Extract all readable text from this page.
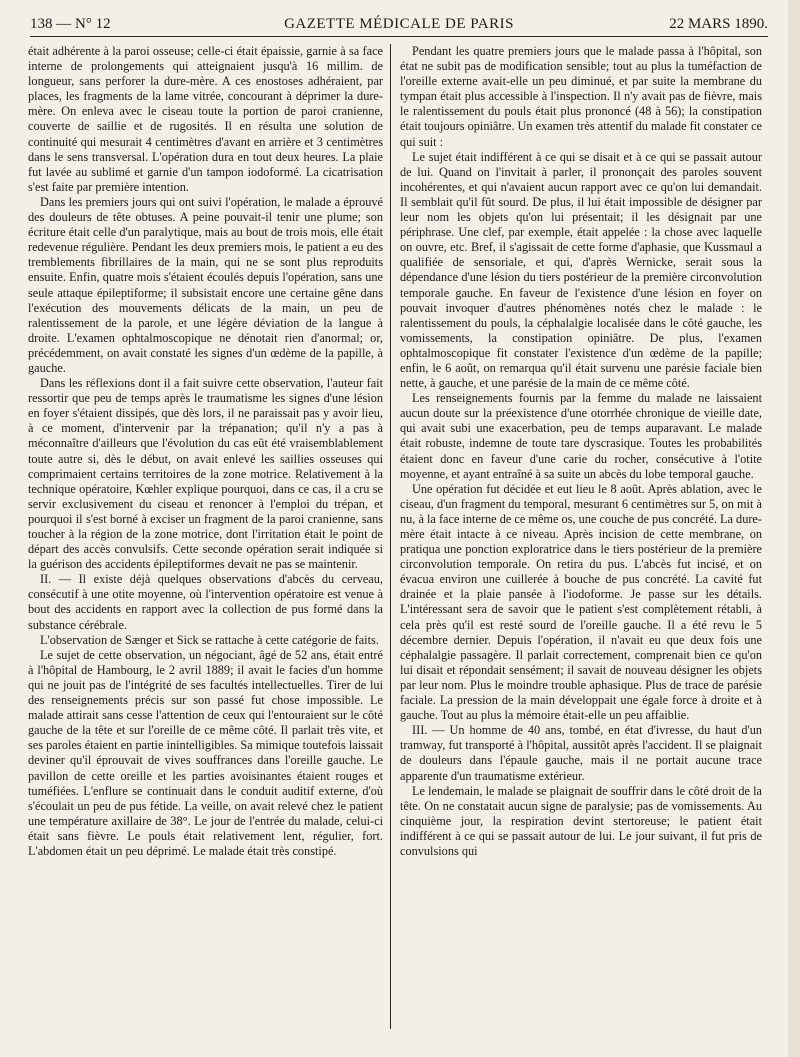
138 — N° 12	GAZETTE MÉDICALE DE PARIS	22 MARS 1890.

était adhérente à la paroi osseuse; celle-ci était épaissie, garnie à sa face interne de prolongements qui atteignaient jusqu'à 16 millim. de longueur, sans perforer la dure-mère. A ces enostoses adhéraient, par places, les fragments de la lame vitrée, concourant à déprimer la dure-mère. On enleva avec le ciseau toute la portion de paroi cranienne, couverte de saillie et de rugosités. Il en résulta une solution de continuité qui mesurait 4 centimètres d'avant en arrière et 3 centimètres dans le sens transversal. L'opération dura en tout deux heures. La plaie fut lavée au sublimé et garnie d'un tampon iodoformé. La cicatrisation s'est faite par première intention.

Dans les premiers jours qui ont suivi l'opération, le malade a éprouvé des douleurs de tête obtuses. A peine pouvait-il tenir une plume; son écriture était celle d'un paralytique, mais au bout de trois mois, elle était redevenue régulière. Pendant les deux premiers mois, le patient a eu des tremblements fibrillaires de la main, qui ne se sont plus reproduits ensuite. Enfin, quatre mois s'étaient écoulés depuis l'opération, sans une seule attaque épileptiforme; il subsistait encore une certaine gêne dans l'exécution des mouvements délicats de la main, un peu de ralentissement de la parole, et une légère déviation de la langue à droite. L'examen ophtalmoscopique ne dénotait rien d'anormal; or, précédemment, on avait constaté les signes d'un œdème de la papille, à gauche.

Dans les réflexions dont il a fait suivre cette observation, l'auteur fait ressortir que peu de temps après le traumatisme les signes d'une lésion en foyer s'étaient dissipés, que dès lors, il ne paraissait pas y avoir lieu, à ce moment, d'intervenir par la trépanation; qu'il n'y a pas à méconnaître d'ailleurs que l'évolution du cas eût été vraisemblablement toute autre si, dès le début, on avait enlevé les saillies osseuses qui comprimaient certains territoires de la zone motrice. Relativement à la technique opératoire, Kœhler explique pourquoi, dans ce cas, il a cru se servir exclusivement du ciseau et renoncer à l'emploi du trépan, et pourquoi il s'est borné à exciser un fragment de la paroi cranienne, sans toucher à la région de la zone motrice, dont l'irritation était le point de départ des accès convulsifs. Cette seconde opération serait indiquée si la guérison des accidents épileptiformes devait ne pas se maintenir.

II. — Il existe déjà quelques observations d'abcès du cerveau, consécutif à une otite moyenne, où l'intervention opératoire est venue à bout des accidents en rapport avec la collection de pus formé dans la substance cérébrale.

L'observation de Sænger et Sick se rattache à cette catégorie de faits.

Le sujet de cette observation, un négociant, âgé de 52 ans, était entré à l'hôpital de Hambourg, le 2 avril 1889; il avait le facies d'un homme qui ne jouit pas de l'intégrité de ses facultés intellectuelles. Tirer de lui des renseignements précis sur son passé fut chose impossible. Le malade attirait sans cesse l'attention de ceux qui l'entouraient sur le côté gauche de la tête et sur l'oreille de ce même côté. Il parlait très vite, et ses paroles étaient en partie inintelligibles. Sa mimique toutefois laissait deviner qu'il éprouvait de vives souffrances dans l'oreille gauche. Le pavillon de cette oreille et les parties avoisinantes étaient rouges et tuméfiées. L'enflure se continuait dans le conduit auditif externe, d'où s'écoulait un peu de pus fétide. La veille, on avait relevé chez le patient une température axillaire de 38°. Le jour de l'entrée du malade, celui-ci était sans fièvre. Le pouls était relativement lent, régulier, fort. L'abdomen était un peu déprimé. Le malade était très constipé.

Pendant les quatre premiers jours que le malade passa à l'hôpital, son état ne subit pas de modification sensible; tout au plus la tuméfaction de l'oreille externe avait-elle un peu diminué, et par suite la membrane du tympan était plus accessible à l'inspection. Il n'y avait pas de fièvre, mais le ralentissement du pouls était plus prononcé (48 à 56); la constipation était toujours opiniâtre. Un examen très attentif du malade fit constater ce qui suit :

Le sujet était indifférent à ce qui se disait et à ce qui se passait autour de lui. Quand on l'invitait à parler, il prononçait des paroles souvent incohérentes, et qui n'avaient aucun rapport avec ce qu'on lui demandait. Il semblait qu'il fût sourd. De plus, il lui était impossible de désigner par leur nom les objets qu'on lui présentait; il les désignait par une périphrase. Une clef, par exemple, était appelée : la chose avec laquelle on ouvre, etc. Bref, il s'agissait de cette forme d'aphasie, que Kussmaul a qualifiée de sensoriale, et qui, d'après Wernicke, serait sous la dépendance d'une lésion du tiers postérieur de la première circonvolution temporale gauche. En faveur de l'existence d'une lésion en foyer on pouvait invoquer d'autres phénomènes notés chez le malade : le ralentissement du pouls, la céphalalgie localisée dans le côté gauche, les vomissements, la constipation opiniâtre. De plus, l'examen ophtalmoscopique fit constater l'existence d'un œdème de la papille; enfin, le 6 août, on remarqua qu'il était survenu une parésie faciale bien nette, à gauche, et une parésie de la main de ce même côté.

Les renseignements fournis par la femme du malade ne laissaient aucun doute sur la préexistence d'une otorrhée chronique de vieille date, qui avait subi une exacerbation, peu de temps auparavant. Le malade était robuste, indemne de toute tare dyscrasique. Toutes les probabilités étaient donc en faveur d'une carie du rocher, consécutive à l'otite moyenne, et ayant entraîné à sa suite un abcès du lobe temporal gauche.

Une opération fut décidée et eut lieu le 8 août. Après ablation, avec le ciseau, d'un fragment du temporal, mesurant 6 centimètres sur 5, on mit à nu, à la face interne de ce même os, une couche de pus concrété. La dure-mère était intacte à ce niveau. Après incision de cette membrane, on pratiqua une ponction exploratrice dans le tiers postérieur de la première circonvolution temporale. On retira du pus. L'abcès fut incisé, et on évacua environ une cuillerée à bouche de pus concrété. La cavité fut drainée et la plaie pansée à l'iodoforme. Je passe sur les détails. L'intéressant sera de savoir que le patient s'est complètement rétabli, à cela près qu'il est resté sourd de l'oreille gauche. Il a été revu le 5 décembre dernier. Depuis l'opération, il n'avait eu que deux fois une céphalalgie passagère. Il parlait correctement, comprenait bien ce qu'on lui disait et répondait sensément; il savait de nouveau désigner les objets par leur nom. Plus le moindre trouble aphasique. Plus de trace de parésie faciale. La pression de la main développait une égale force à droite et à gauche. Tout au plus la mémoire était-elle un peu affaiblie.

III. — Un homme de 40 ans, tombé, en état d'ivresse, du haut d'un tramway, fut transporté à l'hôpital, aussitôt après l'accident. Il se plaignait de douleurs dans l'épaule gauche, mais il ne portait aucune trace apparente d'un traumatisme extérieur.

Le lendemain, le malade se plaignait de souffrir dans le côté droit de la tête. On ne constatait aucun signe de paralysie; pas de vomissements. Au cinquième jour, la respiration devint stertoreuse; le patient était indifférent à ce qui se passait autour de lui. Le jour suivant, il fut pris de convulsions qui
